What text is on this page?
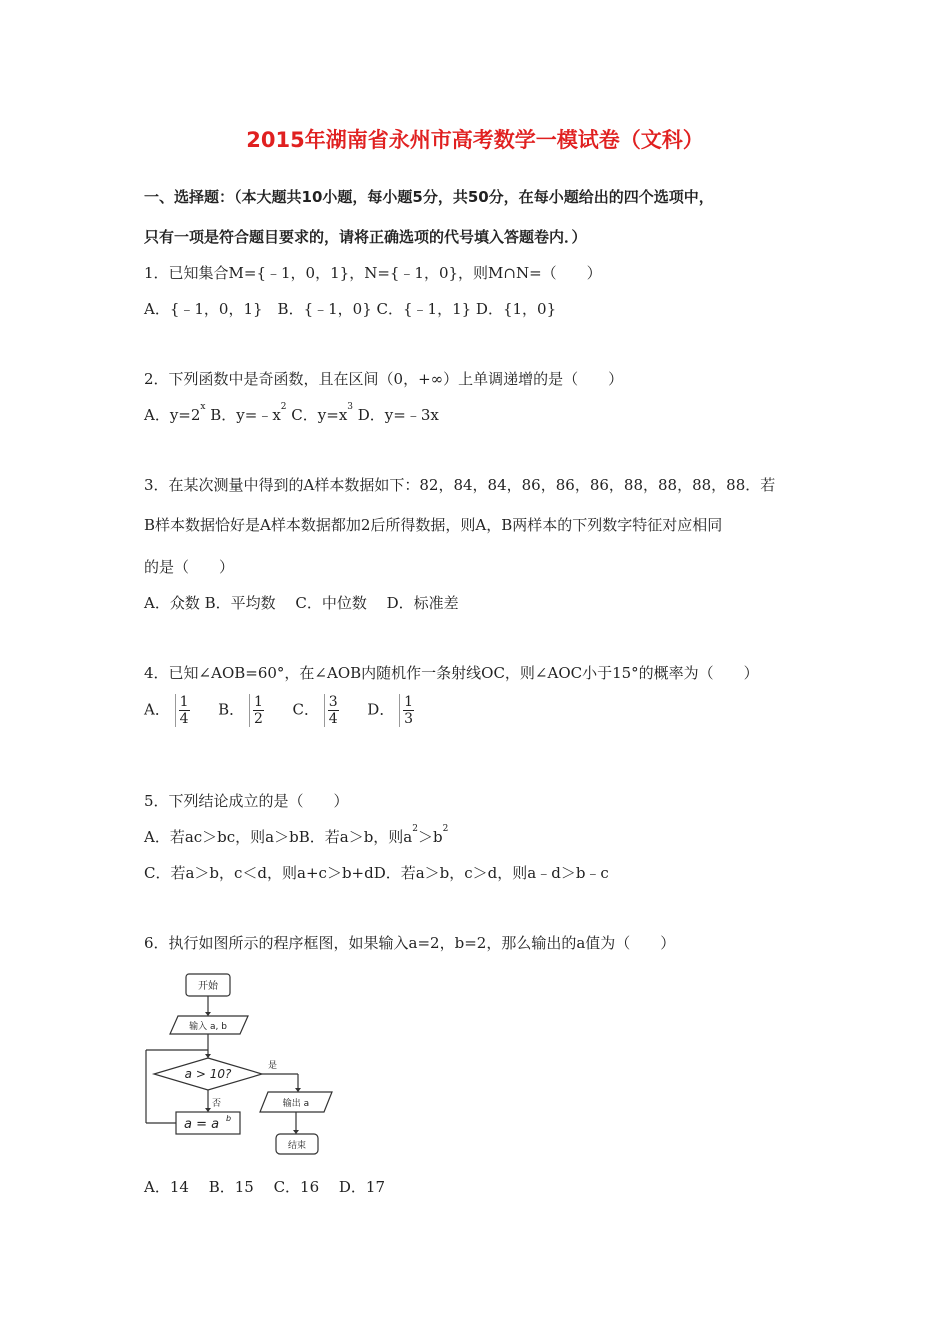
2015年湖南省永州市高考数学一模试卷（文科）
一、选择题：（本大题共10小题，每小题5分，共50分，在每小题给出的四个选项中，
只有一项是符合题目要求的，请将正确选项的代号填入答题卷内．）
1．已知集合M={﹣1，0，1}，N={﹣1，0}，则M∩N=（　　）
A．{﹣1，0，1}　B．{﹣1，0} C．{﹣1，1} D．{1，0}
2．下列函数中是奇函数，且在区间（0，+∞）上单调递增的是（　　）
A．$y=2^x$ B．$y=﹣x^2$ C．$y=x^3$ D．y=﹣3x
3．在某次测量中得到的A样本数据如下：82，84，84，86，86，86，88，88，88，88．若
B样本数据恰好是A样本数据都加2后所得数据，则A，B两样本的下列数字特征对应相同
的是（　　）
A．众数 B．平均数　 C．中位数　 D．标准差
4．已知∠AOB=60°，在∠AOB内随机作一条射线OC，则∠AOC小于15°的概率为（　　）
A． $\frac{1}{4}$ B． $\frac{1}{2}$ C． $\frac{3}{4}$ D． $\frac{1}{3}$
5．下列结论成立的是（　　）
A．若ac＞bc，则a＞bB．若a＞b，则$a^2>b^2$
C．若a＞b，c＜d，则a+c＞b+dD．若a＞b，c＞d，则a﹣d＞b﹣c
6．执行如图所示的程序框图，如果输入a=2，b=2，那么输出的a值为（　　）
开始
输入 a, b
a > 10?
是
否
a = a b
输出 a
结束
A．14　 B．15　 C．16　 D．17
